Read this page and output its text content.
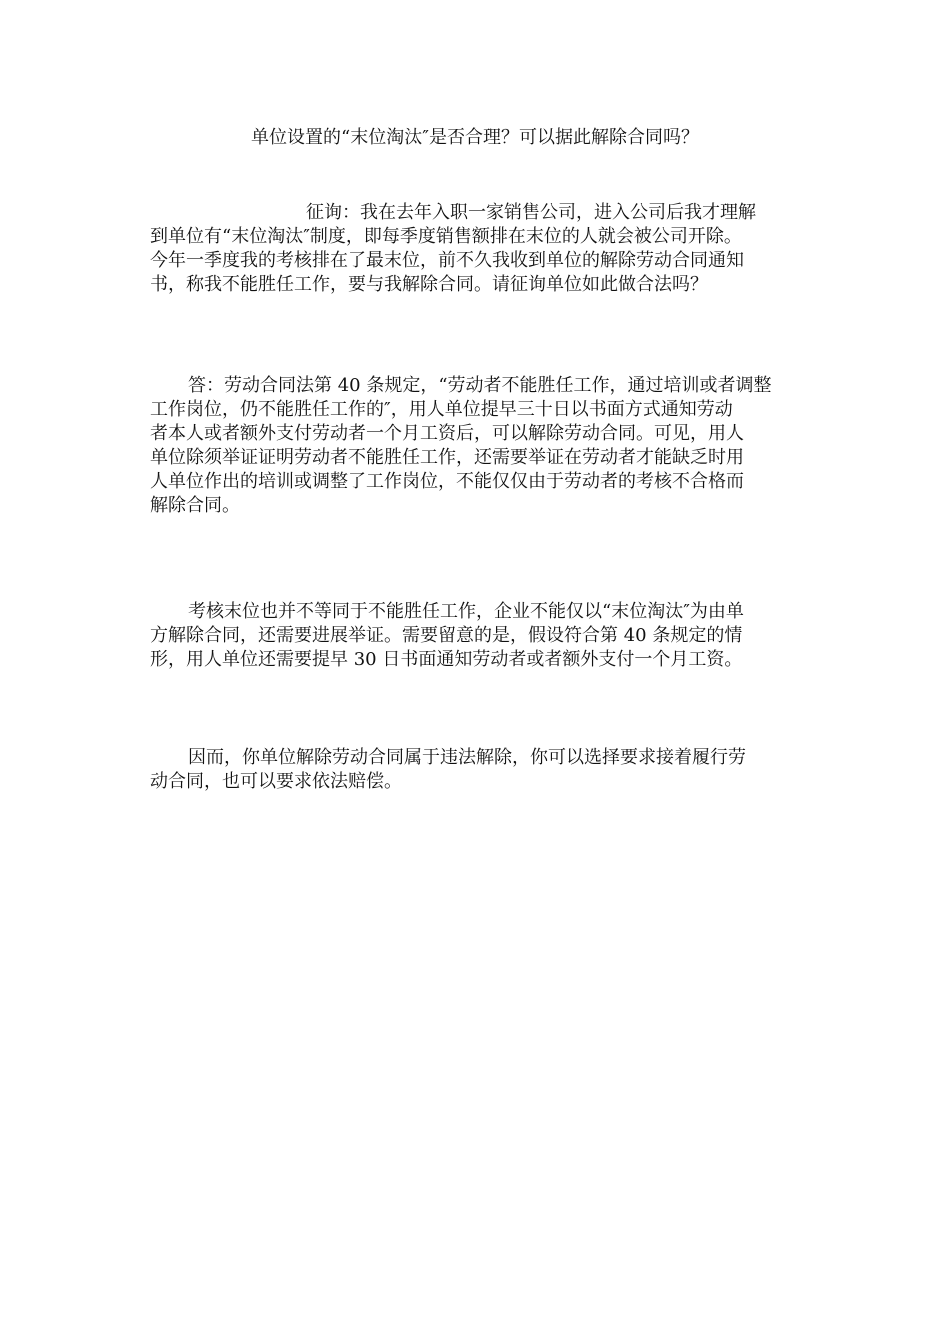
单位设置的“末位淘汰″是否合理？可以据此解除合同吗？
征询：我在去年入职一家销售公司，进入公司后我才理解
到单位有“末位淘汰″制度，即每季度销售额排在末位的人就会被公司开除。
今年一季度我的考核排在了最末位，前不久我收到单位的解除劳动合同通知
书，称我不能胜任工作，要与我解除合同。请征询单位如此做合法吗？
答：劳动合同法第 40 条规定，“劳动者不能胜任工作，通过培训或者调整
工作岗位，仍不能胜任工作的″，用人单位提早三十日以书面方式通知劳动
者本人或者额外支付劳动者一个月工资后，可以解除劳动合同。可见，用人
单位除须举证证明劳动者不能胜任工作，还需要举证在劳动者才能缺乏时用
人单位作出的培训或调整了工作岗位，不能仅仅由于劳动者的考核不合格而
解除合同。
考核末位也并不等同于不能胜任工作，企业不能仅以“末位淘汰″为由单
方解除合同，还需要进展举证。需要留意的是，假设符合第 40 条规定的情
形，用人单位还需要提早 30 日书面通知劳动者或者额外支付一个月工资。
因而，你单位解除劳动合同属于违法解除，你可以选择要求接着履行劳
动合同，也可以要求依法赔偿。
